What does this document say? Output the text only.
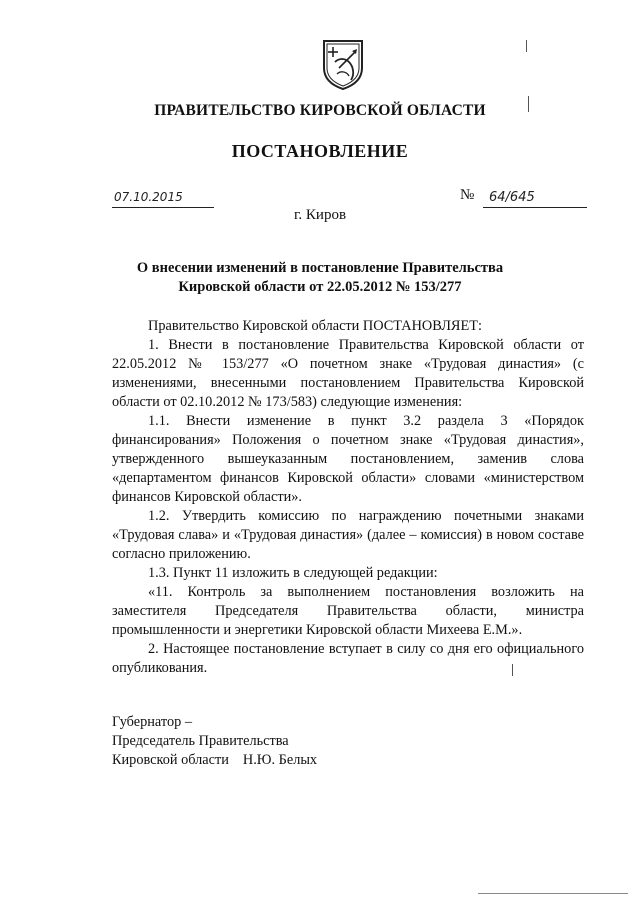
ПРАВИТЕЛЬСТВО КИРОВСКОЙ ОБЛАСТИ
ПОСТАНОВЛЕНИЕ
07.10.2015	№	64/645
г. Киров
О внесении изменений в постановление Правительства
Кировской области от 22.05.2012 № 153/277

Правительство Кировской области ПОСТАНОВЛЯЕТ:

1. Внести в постановление Правительства Кировской области от 22.05.2012 № 153/277 «О почетном знаке «Трудовая династия» (с изменениями, внесенными постановлением Правительства Кировской области от 02.10.2012 № 173/583) следующие изменения:

1.1. Внести изменение в пункт 3.2 раздела 3 «Порядок финансирования» Положения о почетном знаке «Трудовая династия», утвержденного вышеуказанным постановлением, заменив слова «департаментом финансов Кировской области» словами «министерством финансов Кировской области».

1.2. Утвердить комиссию по награждению почетными знаками «Трудовая слава» и «Трудовая династия» (далее – комиссия) в новом составе согласно приложению.

1.3. Пункт 11 изложить в следующей редакции:

«11. Контроль за выполнением постановления возложить на заместителя Председателя Правительства области, министра промышленности и энергетики Кировской области Михеева Е.М.».

2. Настоящее постановление вступает в силу со дня его официального опубликования.

Губернатор –

Председатель Правительства

Кировской области Н.Ю. Белых
